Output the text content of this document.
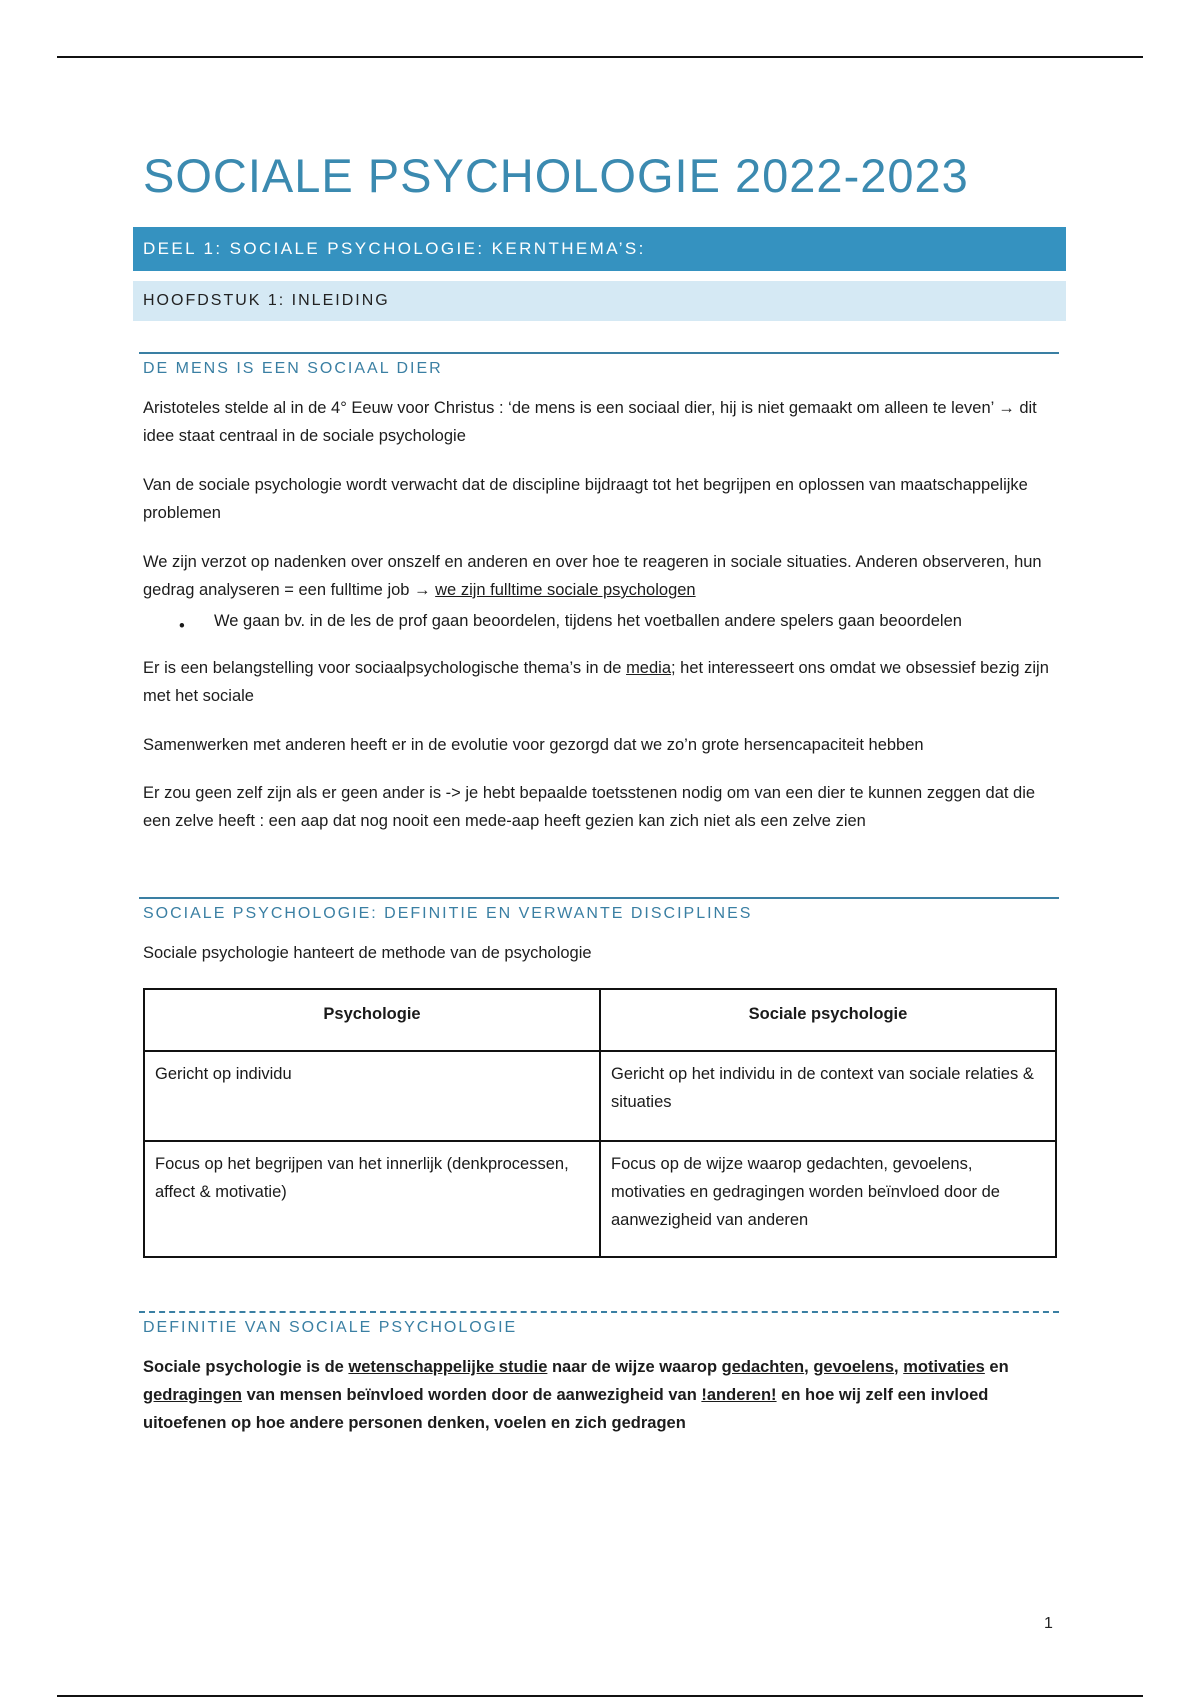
SOCIALE PSYCHOLOGIE 2022-2023
DEEL 1: SOCIALE PSYCHOLOGIE: KERNTHEMA’S:
HOOFDSTUK 1: INLEIDING
DE MENS IS EEN SOCIAAL DIER

Aristoteles stelde al in de 4° Eeuw voor Christus : ‘de mens is een sociaal dier, hij is niet gemaakt om alleen te leven’ → dit idee staat centraal in de sociale psychologie

Van de sociale psychologie wordt verwacht dat de discipline bijdraagt tot het begrijpen en oplossen van maatschappelijke problemen

We zijn verzot op nadenken over onszelf en anderen en over hoe te reageren in sociale situaties. Anderen observeren, hun gedrag analyseren = een fulltime job → we zijn fulltime sociale psychologen

• We gaan bv. in de les de prof gaan beoordelen, tijdens het voetballen andere spelers gaan beoordelen

Er is een belangstelling voor sociaalpsychologische thema’s in de media; het interesseert ons omdat we obsessief bezig zijn met het sociale

Samenwerken met anderen heeft er in de evolutie voor gezorgd dat we zo’n grote hersencapaciteit hebben

Er zou geen zelf zijn als er geen ander is -> je hebt bepaalde toetsstenen nodig om van een dier te kunnen zeggen dat die een zelve heeft : een aap dat nog nooit een mede-aap heeft gezien kan zich niet als een zelve zien

SOCIALE PSYCHOLOGIE: DEFINITIE EN VERWANTE DISCIPLINES

Sociale psychologie hanteert de methode van de psychologie

Psychologie	Sociale psychologie
Gericht op individu	Gericht op het individu in de context van sociale relaties & situaties
Focus op het begrijpen van het innerlijk (denkprocessen, affect & motivatie)	Focus op de wijze waarop gedachten, gevoelens, motivaties en gedragingen worden beïnvloed door de aanwezigheid van anderen
DEFINITIE VAN SOCIALE PSYCHOLOGIE

Sociale psychologie is de wetenschappelijke studie naar de wijze waarop gedachten, gevoelens, motivaties en gedragingen van mensen beïnvloed worden door de aanwezigheid van !anderen! en hoe wij zelf een invloed uitoefenen op hoe andere personen denken, voelen en zich gedragen

1
